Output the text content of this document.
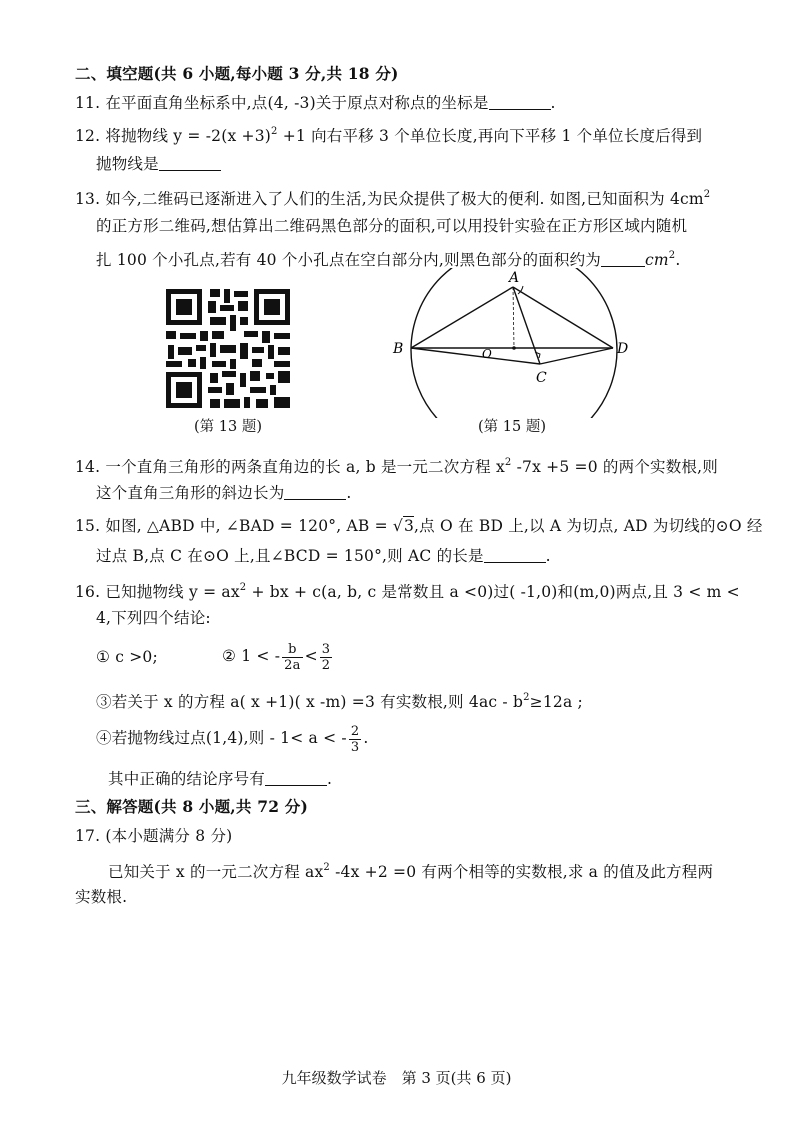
二、填空题(共 6 小题,每小题 3 分,共 18 分)
11. 在平面直角坐标系中,点(4, -3)关于原点对称点的坐标是	.
12. 将抛物线 $y = -2(x +3)^2 +1$ 向右平移 3 个单位长度,再向下平移 1 个单位长度后得到
抛物线是
13. 如今,二维码已逐渐进入了人们的生活,为民众提供了极大的便利. 如图,已知面积为 $4cm^2$
的正方形二维码,想估算出二维码黑色部分的面积,可以用投针实验在正方形区域内随机
扎 100 个小孔点,若有 40 个小孔点在空白部分内,则黑色部分的面积约为	$cm^2$.
(第 13 题)
A
B
C
D
O
(第 15 题)
14. 一个直角三角形的两条直角边的长 a, b 是一元二次方程 $x^2$ -7x +5 =0 的两个实数根,则
这个直角三角形的斜边长为	.
15. 如图, △ABD 中, ∠BAD = 120°, AB = √3,点 O 在 BD 上,以 A 为切点, AD 为切线的⊙O 经
过点 B,点 C 在⊙O 上,且∠BCD = 150°,则 AC 的长是	.
16. 已知抛物线 $y = ax^2$ + bx + c(a, b, c 是常数且 a <0)过( -1,0)和(m,0)两点,且 3 < m <
4,下列四个结论:
① c >0;	② 1 < - $\frac{b}{2a} < \frac{3}{2}$
③若关于 x 的方程 a( x +1)( x -m) =3 有实数根,则 $4ac - b^2\ge 12a$ ;
④若抛物线过点(1,4),则 - 1< a < - $\frac{2}{3}$ .
其中正确的结论序号有	.
三、解答题(共 8 小题,共 72 分)
17. (本小题满分 8 分)
已知关于 x 的一元二次方程 $ax^2$ -4x +2 =0 有两个相等的实数根,求 a 的值及此方程两
实数根.
九年级数学试卷　第 3 页(共 6 页)
